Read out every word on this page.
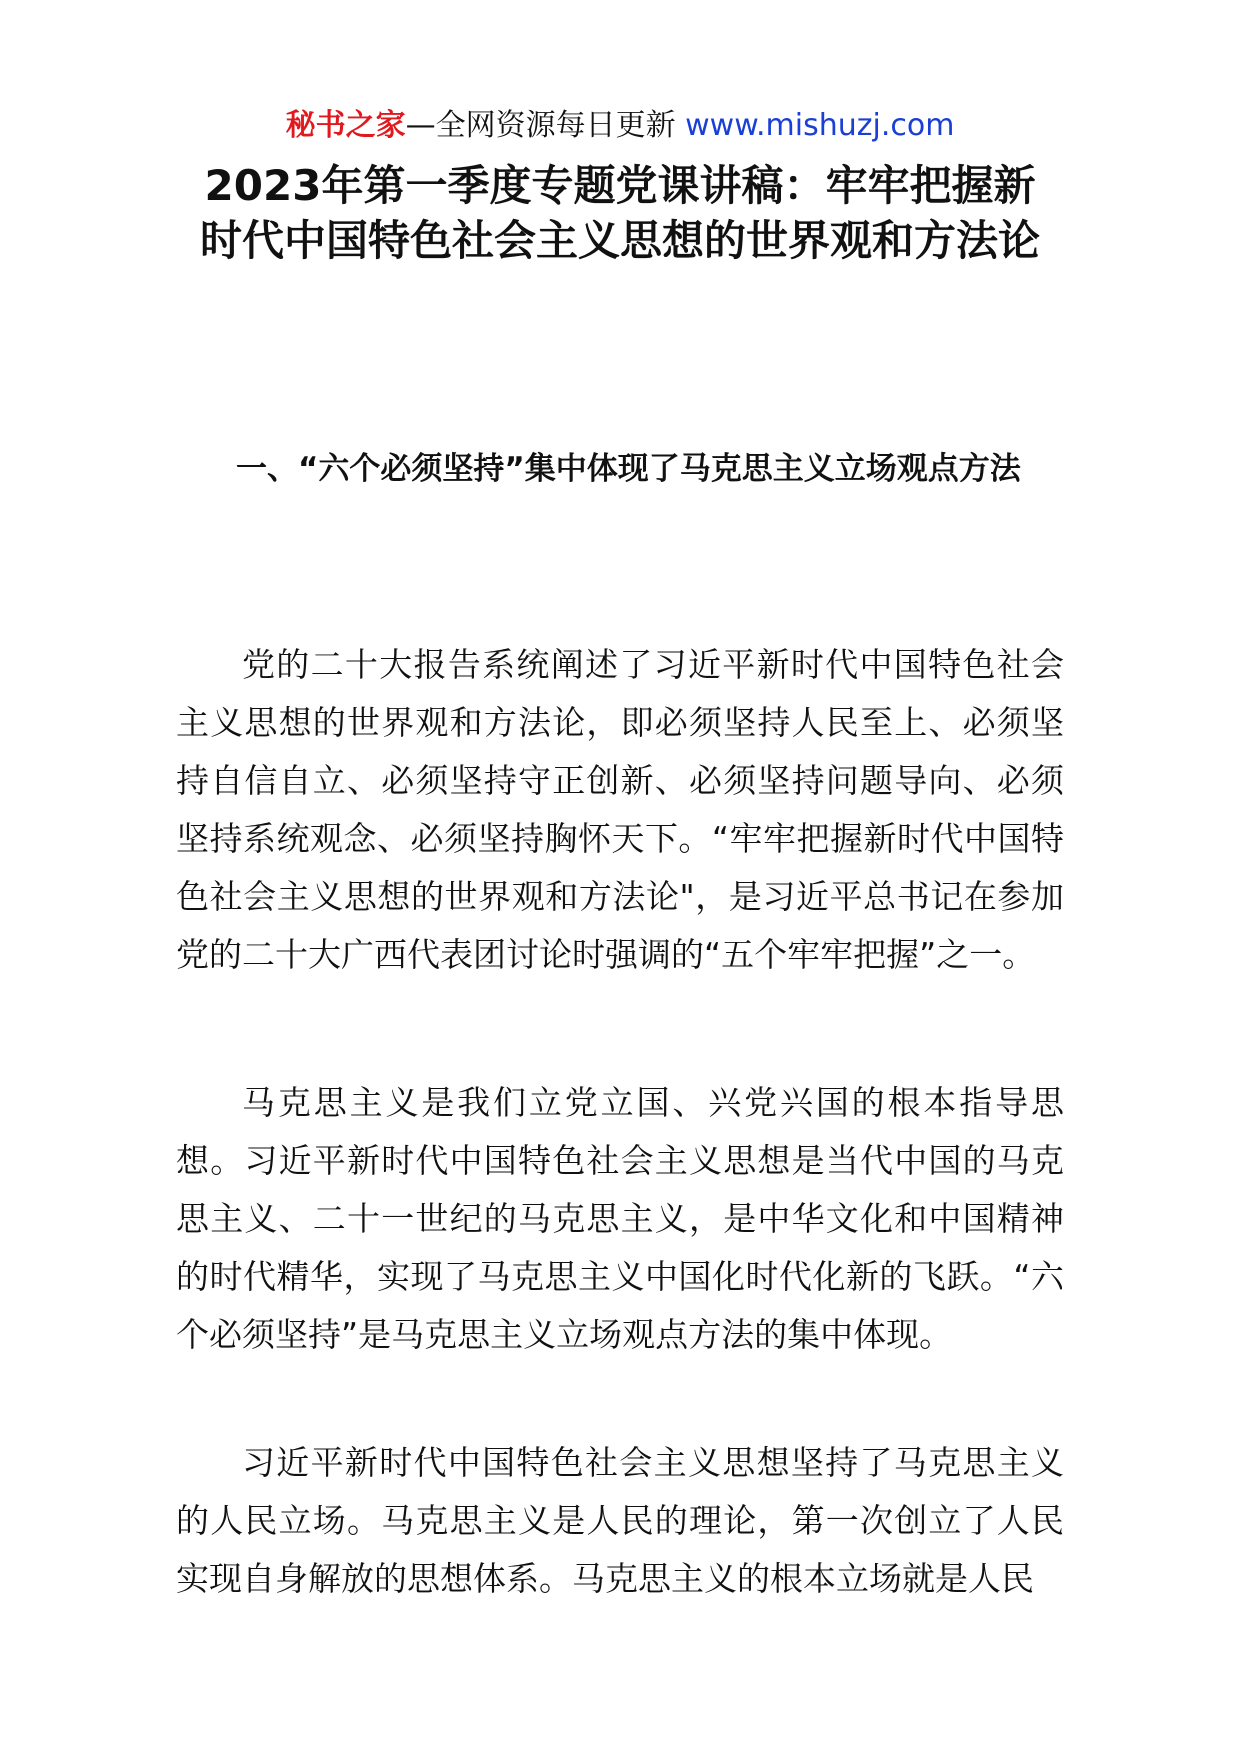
秘书之家—全网资源每日更新 www.mishuzj.com
2023年第一季度专题党课讲稿：牢牢把握新时代中国特色社会主义思想的世界观和方法论
一、“六个必须坚持”集中体现了马克思主义立场观点方法

党的二十大报告系统阐述了习近平新时代中国特色社会主义思想的世界观和方法论，即必须坚持人民至上、必须坚持自信自立、必须坚持守正创新、必须坚持问题导向、必须坚持系统观念、必须坚持胸怀天下。“牢牢把握新时代中国特色社会主义思想的世界观和方法论"，是习近平总书记在参加党的二十大广西代表团讨论时强调的“五个牢牢把握”之一。

马克思主义是我们立党立国、兴党兴国的根本指导思想。习近平新时代中国特色社会主义思想是当代中国的马克思主义、二十一世纪的马克思主义，是中华文化和中国精神的时代精华，实现了马克思主义中国化时代化新的飞跃。“六个必须坚持”是马克思主义立场观点方法的集中体现。

习近平新时代中国特色社会主义思想坚持了马克思主义的人民立场。马克思主义是人民的理论，第一次创立了人民实现自身解放的思想体系。马克思主义的根本立场就是人民
